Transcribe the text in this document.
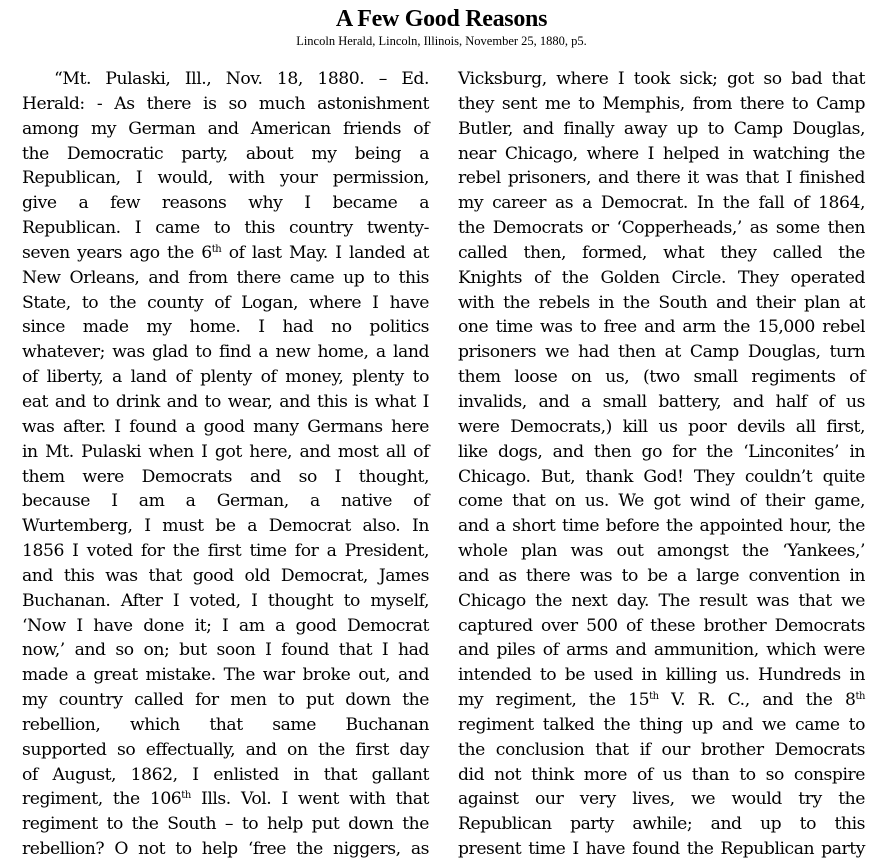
A Few Good Reasons
Lincoln Herald, Lincoln, Illinois, November 25, 1880, p5.
“Mt. Pulaski, Ill., Nov. 18, 1880. – Ed.
Herald: - As there is so much astonishment
among my German and American friends of
the Democratic party, about my being a
Republican, I would, with your permission,
give a few reasons why I became a
Republican. I came to this country twenty-
seven years ago the 6th of last May. I landed at
New Orleans, and from there came up to this
State, to the county of Logan, where I have
since made my home. I had no politics
whatever; was glad to find a new home, a land
of liberty, a land of plenty of money, plenty to
eat and to drink and to wear, and this is what I
was after. I found a good many Germans here
in Mt. Pulaski when I got here, and most all of
them were Democrats and so I thought,
because I am a German, a native of
Wurtemberg, I must be a Democrat also. In
1856 I voted for the first time for a President,
and this was that good old Democrat, James
Buchanan. After I voted, I thought to myself,
‘Now I have done it; I am a good Democrat
now,’ and so on; but soon I found that I had
made a great mistake. The war broke out, and
my country called for men to put down the
rebellion, which that same Buchanan
supported so effectually, and on the first day
of August, 1862, I enlisted in that gallant
regiment, the 106th Ills. Vol. I went with that
regiment to the South – to help put down the
rebellion? O not to help ‘free the niggers, as
Vicksburg, where I took sick; got so bad that
they sent me to Memphis, from there to Camp
Butler, and finally away up to Camp Douglas,
near Chicago, where I helped in watching the
rebel prisoners, and there it was that I finished
my career as a Democrat. In the fall of 1864,
the Democrats or ‘Copperheads,’ as some then
called then, formed, what they called the
Knights of the Golden Circle. They operated
with the rebels in the South and their plan at
one time was to free and arm the 15,000 rebel
prisoners we had then at Camp Douglas, turn
them loose on us, (two small regiments of
invalids, and a small battery, and half of us
were Democrats,) kill us poor devils all first,
like dogs, and then go for the ‘Linconites’ in
Chicago. But, thank God! They couldn’t quite
come that on us. We got wind of their game,
and a short time before the appointed hour, the
whole plan was out amongst the ‘Yankees,’
and as there was to be a large convention in
Chicago the next day. The result was that we
captured over 500 of these brother Democrats
and piles of arms and ammunition, which were
intended to be used in killing us. Hundreds in
my regiment, the 15th V. R. C., and the 8th
regiment talked the thing up and we came to
the conclusion that if our brother Democrats
did not think more of us than to so conspire
against our very lives, we would try the
Republican party awhile; and up to this
present time I have found the Republican party
